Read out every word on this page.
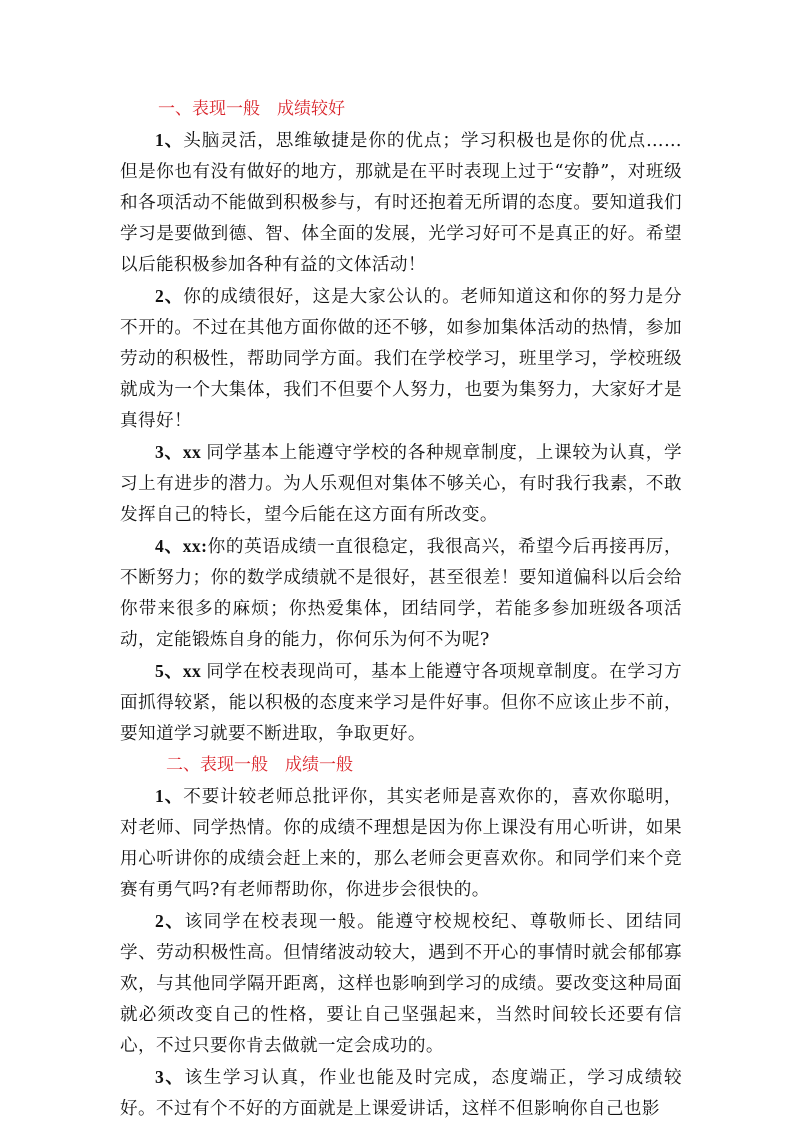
一、表现一般　成绩较好

1、头脑灵活，思维敏捷是你的优点；学习积极也是你的优点……但是你也有没有做好的地方，那就是在平时表现上过于“安静”，对班级和各项活动不能做到积极参与，有时还抱着无所谓的态度。要知道我们学习是要做到德、智、体全面的发展，光学习好可不是真正的好。希望以后能积极参加各种有益的文体活动！

2、你的成绩很好，这是大家公认的。老师知道这和你的努力是分不开的。不过在其他方面你做的还不够，如参加集体活动的热情，参加劳动的积极性，帮助同学方面。我们在学校学习，班里学习，学校班级就成为一个大集体，我们不但要个人努力，也要为集努力，大家好才是真得好！

3、xx 同学基本上能遵守学校的各种规章制度，上课较为认真，学习上有进步的潜力。为人乐观但对集体不够关心，有时我行我素，不敢发挥自己的特长，望今后能在这方面有所改变。

4、xx:你的英语成绩一直很稳定，我很高兴，希望今后再接再厉，不断努力；你的数学成绩就不是很好，甚至很差！要知道偏科以后会给你带来很多的麻烦；你热爱集体，团结同学，若能多参加班级各项活动，定能锻炼自身的能力，你何乐为何不为呢?

5、xx 同学在校表现尚可，基本上能遵守各项规章制度。在学习方面抓得较紧，能以积极的态度来学习是件好事。但你不应该止步不前，要知道学习就要不断进取，争取更好。

二、表现一般　成绩一般

1、不要计较老师总批评你，其实老师是喜欢你的，喜欢你聪明，对老师、同学热情。你的成绩不理想是因为你上课没有用心听讲，如果用心听讲你的成绩会赶上来的，那么老师会更喜欢你。和同学们来个竞赛有勇气吗?有老师帮助你，你进步会很快的。

2、该同学在校表现一般。能遵守校规校纪、尊敬师长、团结同学、劳动积极性高。但情绪波动较大，遇到不开心的事情时就会郁郁寡欢，与其他同学隔开距离，这样也影响到学习的成绩。要改变这种局面就必须改变自己的性格，要让自己坚强起来，当然时间较长还要有信心，不过只要你肯去做就一定会成功的。

3、该生学习认真，作业也能及时完成，态度端正，学习成绩较好。不过有个不好的方面就是上课爱讲话，这样不但影响你自己也影
